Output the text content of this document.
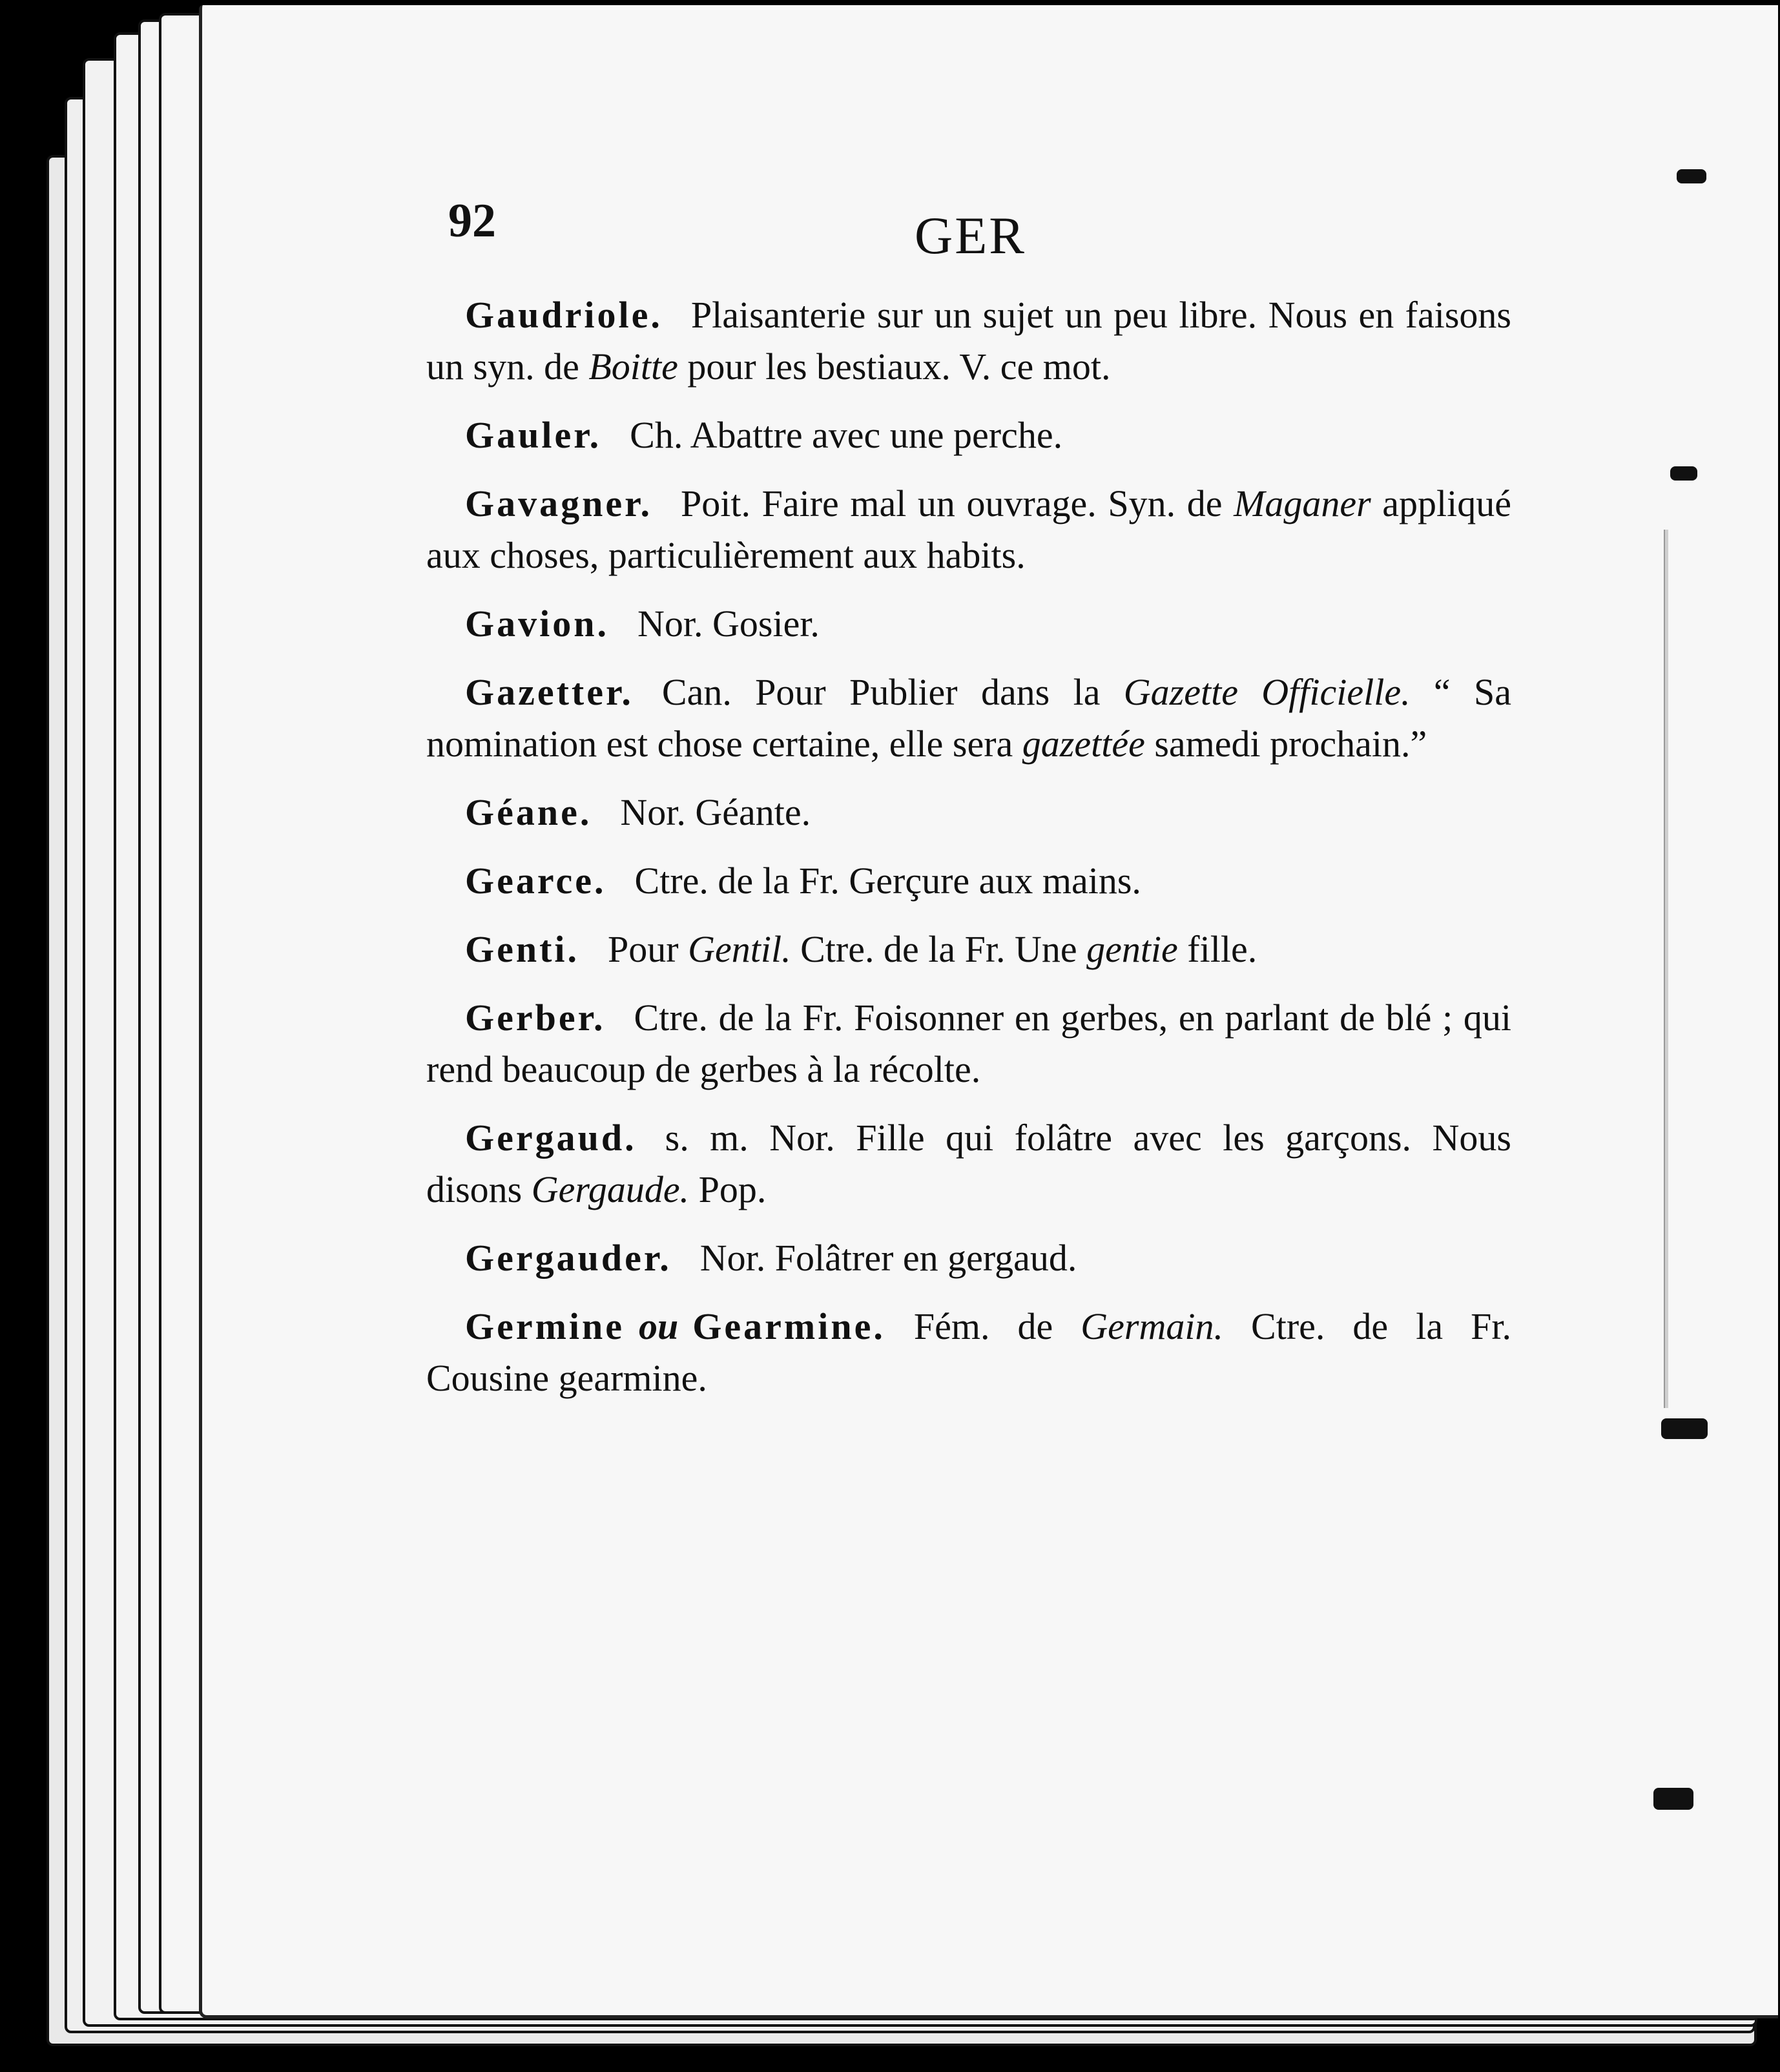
92	GER

Gaudriole. Plaisanterie sur un sujet un peu libre. Nous en faisons un syn. de Boitte pour les bestiaux. V. ce mot.

Gauler. Ch. Abattre avec une perche.

Gavagner. Poit. Faire mal un ouvrage. Syn. de Maganer appliqué aux choses, particulièrement aux habits.

Gavion. Nor. Gosier.

Gazetter. Can. Pour Publier dans la Gazette Officielle. “ Sa nomination est chose certaine, elle sera gazettée samedi prochain.”

Géane. Nor. Géante.

Gearce. Ctre. de la Fr. Gerçure aux mains.

Genti. Pour Gentil. Ctre. de la Fr. Une gentie fille.

Gerber. Ctre. de la Fr. Foisonner en gerbes, en parlant de blé ; qui rend beaucoup de gerbes à la récolte.

Gergaud. s. m. Nor. Fille qui folâtre avec les garçons. Nous disons Gergaude. Pop.

Gergauder. Nor. Folâtrer en gergaud.

Germine ou Gearmine. Fém. de Germain. Ctre. de la Fr. Cousine gearmine.
